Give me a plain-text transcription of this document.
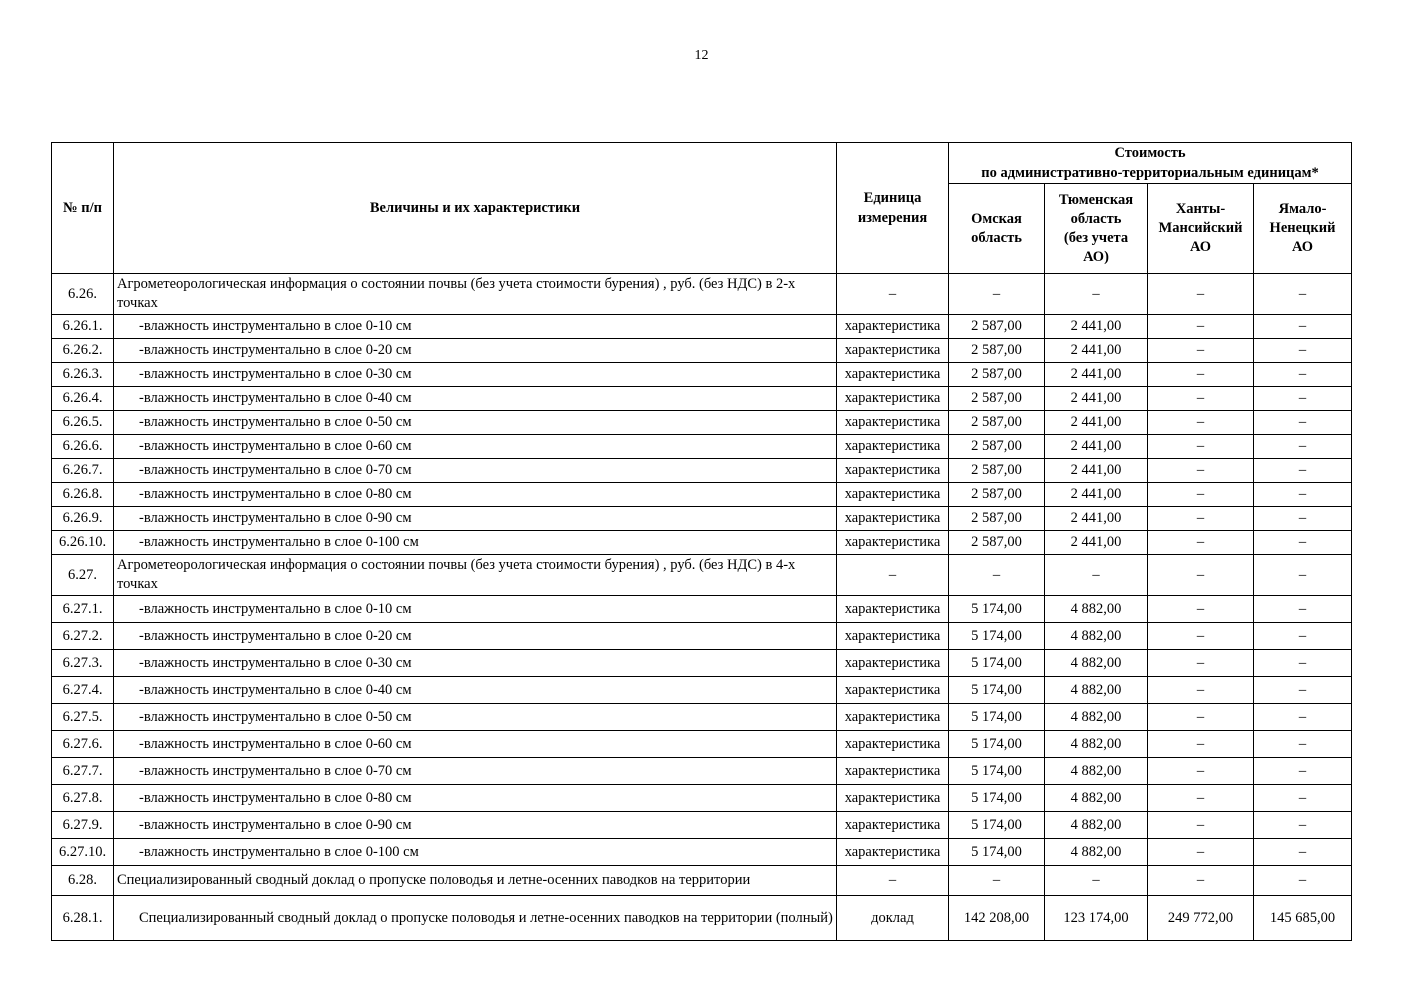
12
№ п/п	Величины и их характеристики	Единица измерения	Стоимость
по административно-территориальным единицам*			

			Омская область	Тюменская область (без учета АО)	Ханты-Мансийский АО	Ямало-Ненецкий АО
6.26.	Агрометеорологическая информация о состоянии почвы (без учета стоимости бурения) , руб. (без НДС) в 2-х точках	–	–	–	–	–
6.26.1.	-влажность инструментально в слое 0-10 см	характеристика	2 587,00	2 441,00	–	–
6.26.2.	-влажность инструментально в слое 0-20 см	характеристика	2 587,00	2 441,00	–	–
6.26.3.	-влажность инструментально в слое 0-30 см	характеристика	2 587,00	2 441,00	–	–
6.26.4.	-влажность инструментально в слое 0-40 см	характеристика	2 587,00	2 441,00	–	–
6.26.5.	-влажность инструментально в слое 0-50 см	характеристика	2 587,00	2 441,00	–	–
6.26.6.	-влажность инструментально в слое 0-60 см	характеристика	2 587,00	2 441,00	–	–
6.26.7.	-влажность инструментально в слое 0-70 см	характеристика	2 587,00	2 441,00	–	–
6.26.8.	-влажность инструментально в слое 0-80 см	характеристика	2 587,00	2 441,00	–	–
6.26.9.	-влажность инструментально в слое 0-90 см	характеристика	2 587,00	2 441,00	–	–
6.26.10.	-влажность инструментально в слое 0-100 см	характеристика	2 587,00	2 441,00	–	–
6.27.	Агрометеорологическая информация о состоянии почвы (без учета стоимости бурения) , руб. (без НДС) в 4-х точках	–	–	–	–	–
6.27.1.	-влажность инструментально в слое 0-10 см	характеристика	5 174,00	4 882,00	–	–
6.27.2.	-влажность инструментально в слое 0-20 см	характеристика	5 174,00	4 882,00	–	–
6.27.3.	-влажность инструментально в слое 0-30 см	характеристика	5 174,00	4 882,00	–	–
6.27.4.	-влажность инструментально в слое 0-40 см	характеристика	5 174,00	4 882,00	–	–
6.27.5.	-влажность инструментально в слое 0-50 см	характеристика	5 174,00	4 882,00	–	–
6.27.6.	-влажность инструментально в слое 0-60 см	характеристика	5 174,00	4 882,00	–	–
6.27.7.	-влажность инструментально в слое 0-70 см	характеристика	5 174,00	4 882,00	–	–
6.27.8.	-влажность инструментально в слое 0-80 см	характеристика	5 174,00	4 882,00	–	–
6.27.9.	-влажность инструментально в слое 0-90 см	характеристика	5 174,00	4 882,00	–	–
6.27.10.	-влажность инструментально в слое 0-100 см	характеристика	5 174,00	4 882,00	–	–
6.28.	Специализированный сводный доклад о пропуске половодья и летне-осенних паводков на территории	–	–	–	–	–
6.28.1.	Специализированный сводный доклад о пропуске половодья и летне-осенних паводков на территории (полный)	доклад	142 208,00	123 174,00	249 772,00	145 685,00
